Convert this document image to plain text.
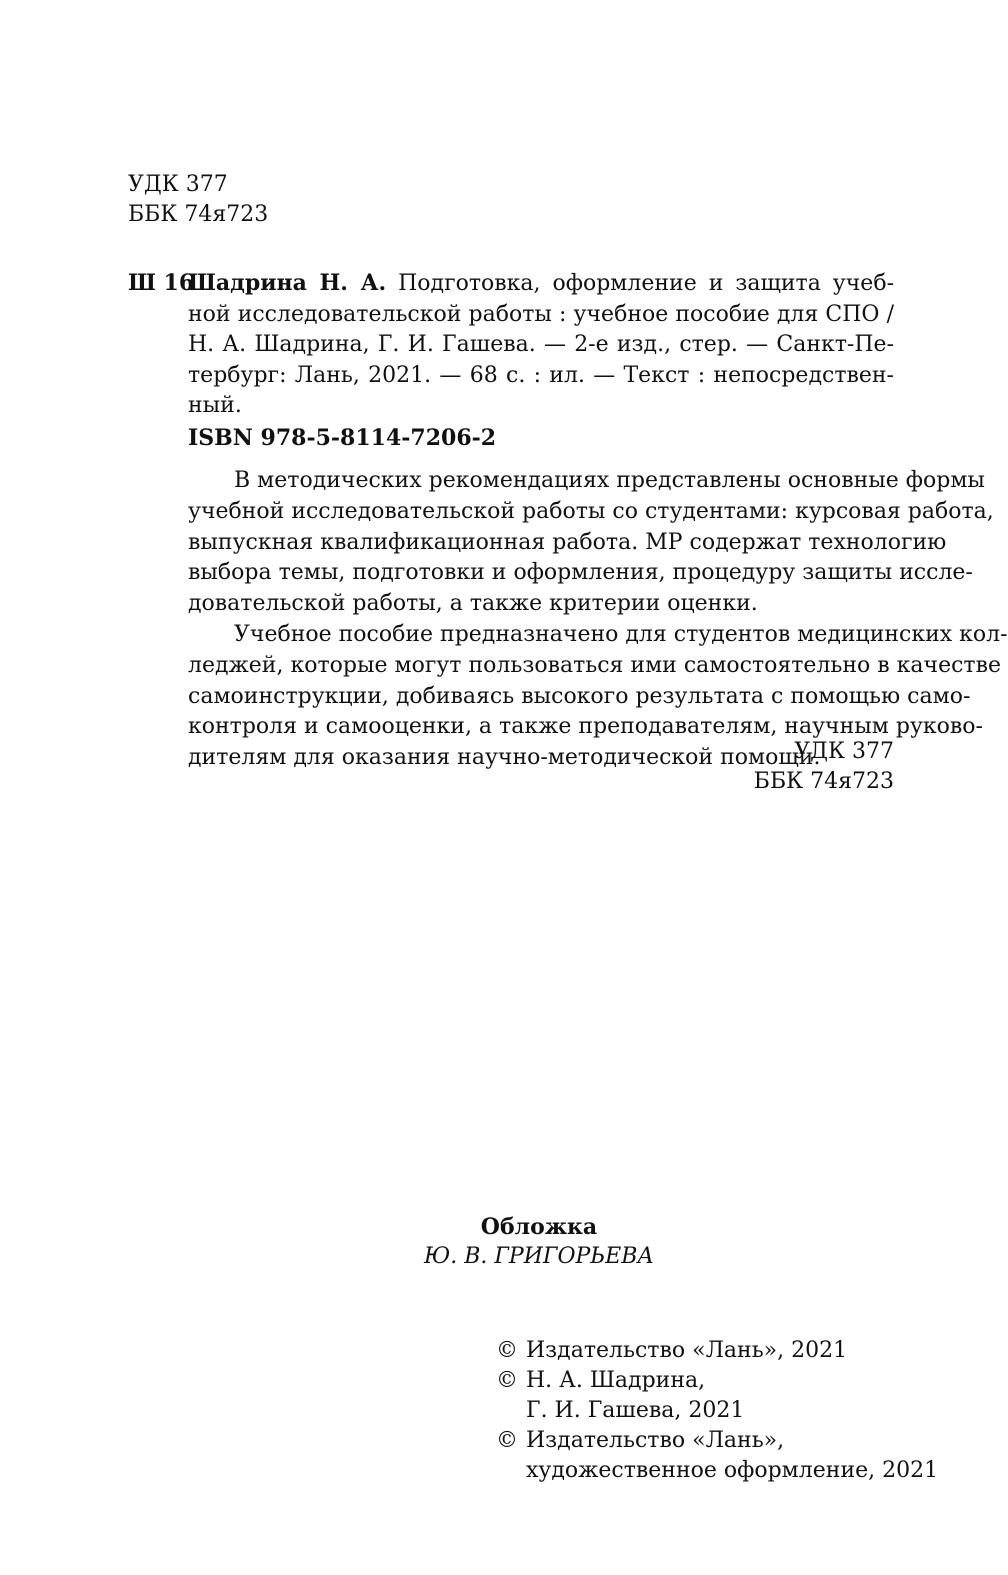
УДК 377
ББК 74я723
Ш 16
Шадрина Н. А. Подготовка, оформление и защита учеб-
ной исследовательской работы : учебное пособие для СПО /
Н. А. Шадрина, Г. И. Гашева. — 2-е изд., стер. — Санкт-Пе-
тербург: Лань, 2021. — 68 с. : ил. — Текст : непосредствен-
ный.
ISBN 978-5-8114-7206-2
В методических рекомендациях представлены основные формы
учебной исследовательской работы со студентами: курсовая работа,
выпускная квалификационная работа. МР содержат технологию
выбора темы, подготовки и оформления, процедуру защиты иссле-
довательской работы, а также критерии оценки.
Учебное пособие предназначено для студентов медицинских кол-
леджей, которые могут пользоваться ими самостоятельно в качестве
самоинструкции, добиваясь высокого результата с помощью само-
контроля и самооценки, а также преподавателям, научным руково-
дителям для оказания научно-методической помощи.
УДК 377
ББК 74я723
Обложка
Ю. В. ГРИГОРЬЕВА
© Издательство «Лань», 2021
© Н. А. Шадрина,
Г. И. Гашева, 2021
© Издательство «Лань»,
художественное оформление, 2021
